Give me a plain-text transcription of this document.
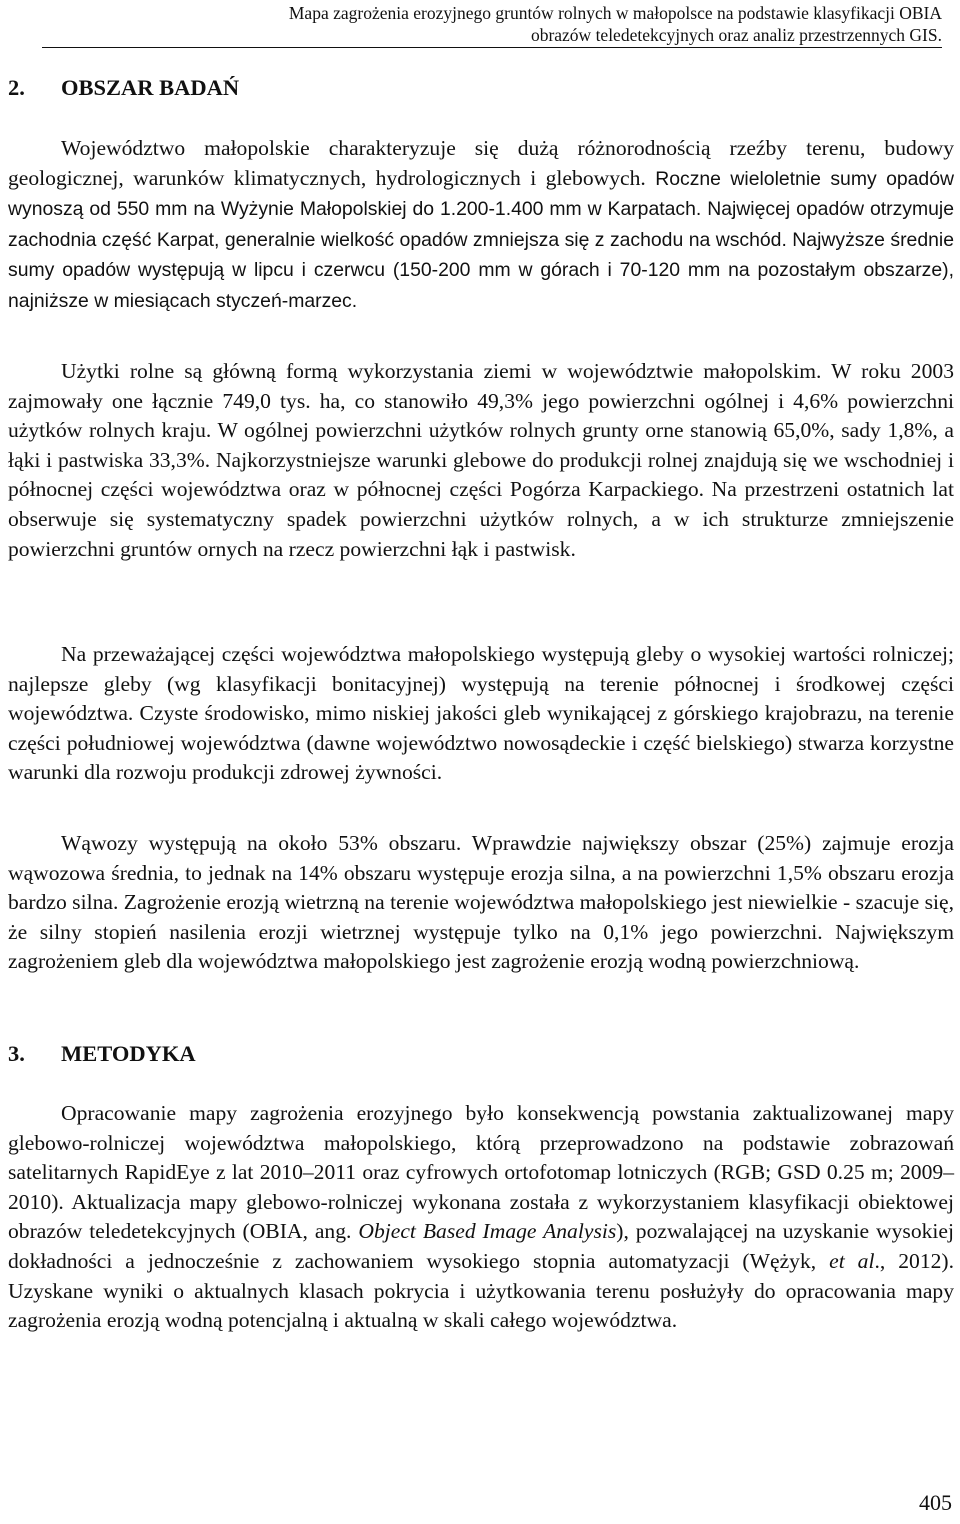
Mapa zagrożenia erozyjnego gruntów rolnych w małopolsce na podstawie klasyfikacji OBIA
obrazów teledetekcyjnych oraz analiz przestrzennych GIS.
2. OBSZAR BADAŃ

Województwo małopolskie charakteryzuje się dużą różnorodnością rzeźby terenu, budowy geologicznej, warunków klimatycznych, hydrologicznych i glebowych. Roczne wieloletnie sumy opadów wynoszą od 550 mm na Wyżynie Małopolskiej do 1.200-1.400 mm w Karpatach. Najwięcej opadów otrzymuje zachodnia część Karpat, generalnie wielkość opadów zmniejsza się z zachodu na wschód. Najwyższe średnie sumy opadów występują w lipcu i czerwcu (150-200 mm w górach i 70-120 mm na pozostałym obszarze), najniższe w miesiącach styczeń-marzec.

Użytki rolne są główną formą wykorzystania ziemi w województwie małopolskim. W roku 2003 zajmowały one łącznie 749,0 tys. ha, co stanowiło 49,3% jego powierzchni ogólnej i 4,6% powierzchni użytków rolnych kraju. W ogólnej powierzchni użytków rolnych grunty orne stanowią 65,0%, sady 1,8%, a łąki i pastwiska 33,3%. Najkorzystniejsze warunki glebowe do produkcji rolnej znajdują się we wschodniej i północnej części województwa oraz w północnej części Pogórza Karpackiego. Na przestrzeni ostatnich lat obserwuje się systematyczny spadek powierzchni użytków rolnych, a w ich strukturze zmniejszenie powierzchni gruntów ornych na rzecz powierzchni łąk i pastwisk.

Na przeważającej części województwa małopolskiego występują gleby o wysokiej wartości rolniczej; najlepsze gleby (wg klasyfikacji bonitacyjnej) występują na terenie północnej i środkowej części województwa. Czyste środowisko, mimo niskiej jakości gleb wynikającej z górskiego krajobrazu, na terenie części południowej województwa (dawne województwo nowosądeckie i część bielskiego) stwarza korzystne warunki dla rozwoju produkcji zdrowej żywności.

Wąwozy występują na około 53% obszaru. Wprawdzie największy obszar (25%) zajmuje erozja wąwozowa średnia, to jednak na 14% obszaru występuje erozja silna, a na powierzchni 1,5% obszaru erozja bardzo silna. Zagrożenie erozją wietrzną na terenie województwa małopolskiego jest niewielkie - szacuje się, że silny stopień nasilenia erozji wietrznej występuje tylko na 0,1% jego powierzchni. Największym zagrożeniem gleb dla województwa małopolskiego jest zagrożenie erozją wodną powierzchniową.

3. METODYKA

Opracowanie mapy zagrożenia erozyjnego było konsekwencją powstania zaktualizowanej mapy glebowo-rolniczej województwa małopolskiego, którą przeprowadzono na podstawie zobrazowań satelitarnych RapidEye z lat 2010–2011 oraz cyfrowych ortofotomap lotniczych (RGB; GSD 0.25 m; 2009–2010). Aktualizacja mapy glebowo-rolniczej wykonana została z wykorzystaniem klasyfikacji obiektowej obrazów teledetekcyjnych (OBIA, ang. Object Based Image Analysis), pozwalającej na uzyskanie wysokiej dokładności a jednocześnie z zachowaniem wysokiego stopnia automatyzacji (Wężyk, et al., 2012). Uzyskane wyniki o aktualnych klasach pokrycia i użytkowania terenu posłużyły do opracowania mapy zagrożenia erozją wodną potencjalną i aktualną w skali całego województwa.

405
